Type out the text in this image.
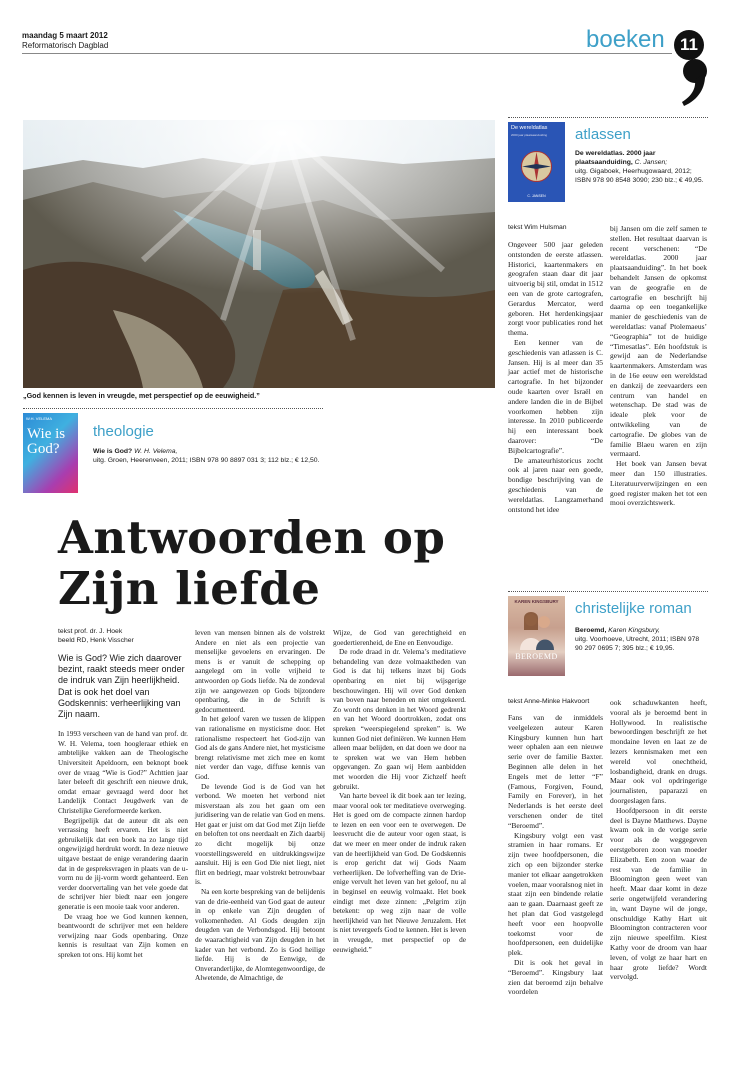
maandag 5 maart 2012
Reformatorisch Dagblad	boeken 11
„God kennen is leven in vreugde, met perspectief op de eeuwigheid.”
W.H. VELEMA
Wie is God?
theologie
Wie is God? W. H. Velema,
uitg. Groen, Heerenveen, 2011; ISBN 978 90 8897 031 3; 112 blz.; € 12,50.
Antwoorden op
Zijn liefde
tekst prof. dr. J. Hoek
beeld RD, Henk Visscher
Wie is God? Wie zich daarover bezint, raakt steeds meer onder de indruk van Zijn heerlijkheid. Dat is ook het doel van Godskennis: verheerlijking van Zijn naam.

In 1993 verscheen van de hand van prof. dr. W. H. Velema, toen hoogleraar ethiek en ambtelijke vakken aan de Theologische Universiteit Apeldoorn, een beknopt boek over de vraag “Wie is God?” Achttien jaar later beleeft dit geschrift een nieuwe druk, omdat ernaar gevraagd werd door het Landelijk Contact Jeugdwerk van de Christelijke Gereformeerde kerken.

Begrijpelijk dat de auteur dit als een verrassing heeft ervaren. Het is niet gebruikelijk dat een boek na zo lange tijd ongewijzigd herdrukt wordt. In deze nieuwe uitgave bestaat de enige verandering daarin dat in de gespreksvragen in plaats van de u-vorm nu de jij-vorm wordt gehanteerd. Een verder doorvertaling van het vele goede dat de schrijver hier biedt naar een jongere generatie is een mooie taak voor anderen.

De vraag hoe we God kunnen kennen, beantwoordt de schrijver met een heldere verwijzing naar Gods openbaring. Onze kennis is resultaat van Zijn komen en spreken tot ons. Hij komt het

leven van mensen binnen als de volstrekt Andere en niet als een projectie van menselijke gevoelens en ervaringen. De mens is er vanuit de schepping op aangelegd om in volle vrijheid te antwoorden op Gods liefde. Na de zondeval zijn we aangewezen op Gods bijzondere openbaring, die in de Schrift is gedocumenteerd.

In het geloof varen we tussen de klippen van rationalisme en mysticisme door. Het rationalisme respecteert het God-zijn van God als de gans Andere niet, het mysticisme brengt relativisme met zich mee en komt niet verder dan vage, diffuse kennis van God.

De levende God is de God van het verbond. We moeten het verbond niet misverstaan als zou het gaan om een juridisering van de relatie van God en mens. Het gaat er juist om dat God met Zijn liefde en beloften tot ons neerdaalt en Zich daarbij zo dicht mogelijk bij onze voorstellingswereld en uitdrukkingswijze aansluit. Hij is een God Die niet liegt, niet flirt en bedriegt, maar volstrekt betrouwbaar is.

Na een korte bespreking van de belijdenis van de drie-eenheid van God gaat de auteur in op enkele van Zijn deugden of volkomenheden. Al Gods deugden zijn deugden van de Verbondsgod. Hij betoont de waarachtigheid van Zijn deugden in het kader van het verbond. Zo is God heilige liefde. Hij is de Eenwige, de Onveranderlijke, de Alomtegenwoordige, de Alwetende, de Almachtige, de

Wijze, de God van gerechtigheid en goedertierenheid, de Ene en Eenvoudige.

De rode draad in dr. Velema’s meditatieve behandeling van deze volmaaktheden van God is dat hij telkens inzet bij Gods openbaring en niet bij wijsgerige beschouwingen. Hij wil over God denken van boven naar beneden en niet omgekeerd. Zo wordt ons denken in het Woord gedrenkt en van het Woord doortrokken, zodat ons spreken “weerspiegelend spreken” is. We kunnen God niet definiëren. We kunnen Hem alleen maar belijden, en dat doen we door na te spreken wat we van Hem hebben opgevangen. Zo gaan wij Hem aanbidden met woorden die Hij voor Zichzelf heeft gebruikt.

Van harte beveel ik dit boek aan ter lezing, maar vooral ook ter meditatieve overweging. Het is goed om de compacte zinnen hardop te lezen en een voor een te overwegen. De leesvrucht die de auteur voor ogen staat, is dat we meer en meer onder de indruk raken van de heerlijkheid van God. De Godskennis is erop gericht dat wij Gods Naam verheerlijken. De lofverheffing van de Drie-enige vervult het leven van het geloof, nu al in beginsel en eeuwig volmaakt. Het boek eindigt met deze zinnen: „Pelgrim zijn betekent: op weg zijn naar de volle heerlijkheid van het Nieuwe Jeruzalem. Het is niet tevergeefs God te kennen. Het is leven in vreugde, met perspectief op de eeuwigheid.”

De wereldatlas
2000 jaar plaatsaanduiding
C. JANSEN
atlassen
De wereldatlas. 2000 jaar plaatsaanduiding, C. Jansen;
uitg. Gigaboek, Heerhugowaard, 2012; ISBN 978 90 8548 3090; 230 blz.; € 49,95.
tekst Wim Hulsman

Ongeveer 500 jaar geleden ontstonden de eerste atlassen. Historici, kaartenmakers en geografen staan daar dit jaar uitvoerig bij stil, omdat in 1512 een van de grote cartografen, Gerardus Mercator, werd geboren. Het herdenkingsjaar zorgt voor publicaties rond het thema.

Een kenner van de geschiedenis van atlassen is C. Jansen. Hij is al meer dan 35 jaar actief met de historische cartografie. In het bijzonder oude kaarten over Israël en andere landen die in de Bijbel voorkomen hebben zijn interesse. In 2010 publiceerde hij een interessant boek daarover: “De Bijbelcartografie”.

De amateurhistoricus zocht ook al jaren naar een goede, bondige beschrijving van de geschiedenis van de wereldatlas. Langzamerhand ontstond het idee

bij Jansen om die zelf samen te stellen. Het resultaat daarvan is recent verschenen: “De wereldatlas. 2000 jaar plaatsaanduiding”. In het boek behandelt Jansen de opkomst van de geografie en de cartografie en beschrijft hij daarna op een toegankelijke manier de geschiedenis van de wereldatlas: vanaf Ptolemaeus’ “Geographia” tot de huidige “Timesatlas”. Eén hoofdstuk is gewijd aan de Nederlandse kaartenmakers. Amsterdam was in de 16e eeuw een wereldstad en dankzij de zeevaarders een centrum van handel en wetenschap. De stad was de ideale plek voor de ontwikkeling van de cartografie. De globes van de familie Blaeu waren en zijn vermaard.

Het boek van Jansen bevat meer dan 150 illustraties. Literatuurverwijzingen en een goed register maken het tot een mooi overzichtswerk.

KAREN KINGSBURY
BEROEMD
christelijke roman
Beroemd, Karen Kingsbury,
uitg. Voorhoeve, Utrecht, 2011; ISBN 978 90 297 0695 7; 395 blz.; € 19,95.
tekst Anne-Minke Hakvoort

Fans van de inmiddels veelgelezen auteur Karen Kingsbury kunnen hun hart weer ophalen aan een nieuwe serie over de familie Baxter. Beginnen alle delen in het Engels met de letter “F” (Famous, Forgiven, Found, Family en Forever), in het Nederlands is het eerste deel verschenen onder de titel “Beroemd”.

Kingsbury volgt een vast stramien in haar romans. Er zijn twee hoofdpersonen, die zich op een bijzonder sterke manier tot elkaar aangetrokken voelen, maar vooralsnog niet in staat zijn een bindende relatie aan te gaan. Daarnaast geeft ze het plan dat God vastgelegd heeft voor een hoopvolle toekomst voor de hoofdpersonen, een duidelijke plek.

Dit is ook het geval in “Beroemd”. Kingsbury laat zien dat beroemd zijn behalve voordelen

ook schaduwkanten heeft, vooral als je beroemd bent in Hollywood. In realistische bewoordingen beschrijft ze het mondaine leven en laat ze de lezers kennismaken met een wereld vol onechtheid, losbandigheid, drank en drugs. Maar ook vol opdringerige journalisten, paparazzi en doorgeslagen fans.

Hoofdpersoon in dit eerste deel is Dayne Matthews. Dayne kwam ook in de vorige serie voor als de weggegeven eerstgeboren zoon van moeder Elizabeth. Een zoon waar de rest van de familie in Bloomington geen weet van heeft. Maar daar komt in deze serie ongetwijfeld verandering in, want Dayne wil de jonge, onschuldige Kathy Hart uit Bloomington contracteren voor zijn nieuwe speelfilm. Kiest Kathy voor de droom van haar leven, of volgt ze haar hart en haar grote liefde? Wordt vervolgd.
